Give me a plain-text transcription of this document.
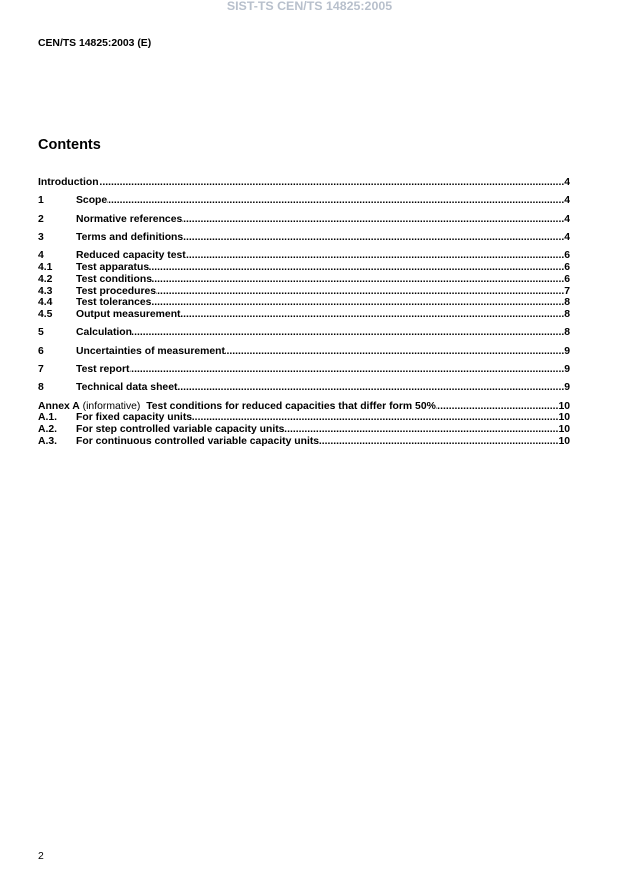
SIST-TS CEN/TS 14825:2005
CEN/TS 14825:2003 (E)
Contents
Introduction .....	4
1	Scope .....	4
2	Normative references .....	4
3	Terms and definitions .....	4
4	Reduced capacity test .....	6
4.1	Test apparatus .....	6
4.2	Test conditions .....	6
4.3	Test procedures .....	7
4.4	Test tolerances .....	8
4.5	Output measurement .....	8
5	Calculation .....	8
6	Uncertainties of measurement .....	9
7	Test report .....	9
8	Technical data sheet .....	9
Annex A (informative) Test conditions for reduced capacities that differ form 50% .....	10
A.1.	For fixed capacity units .....	10
A.2.	For step controlled variable capacity units .....	10
A.3.	For continuous controlled variable capacity units .....	10
2
